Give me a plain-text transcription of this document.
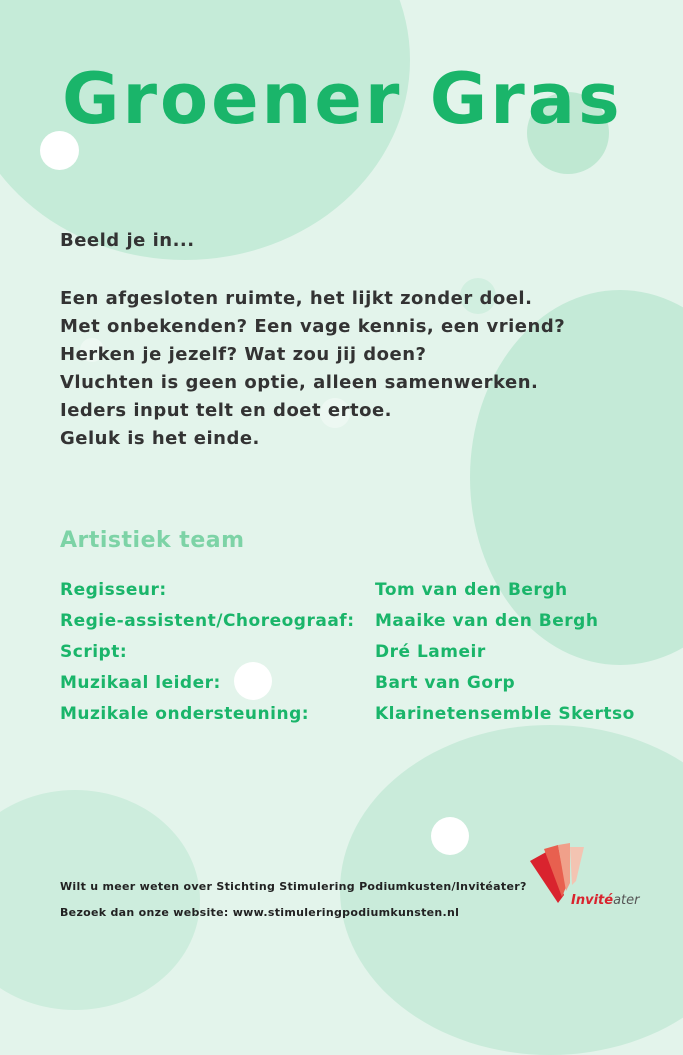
Groener Gras
Beeld je in...
Een afgesloten ruimte, het lijkt zonder doel.
Met onbekenden? Een vage kennis, een vriend?
Herken je jezelf? Wat zou jij doen?
Vluchten is geen optie, alleen samenwerken.
Ieders input telt en doet ertoe.
Geluk is het einde.
Artistiek team
Regisseur:	Tom van den Bergh
Regie-assistent/Choreograaf: Maaike van den Bergh
Script:	Dré Lameir
Muzikaal leider:	Bart van Gorp
Muzikale ondersteuning:	Klarinetensemble Skertso
Wilt u meer weten over Stichting Stimulering Podiumkusten/Invitéater?
Bezoek dan onze website: www.stimuleringpodiumkunsten.nl
Invitéater
